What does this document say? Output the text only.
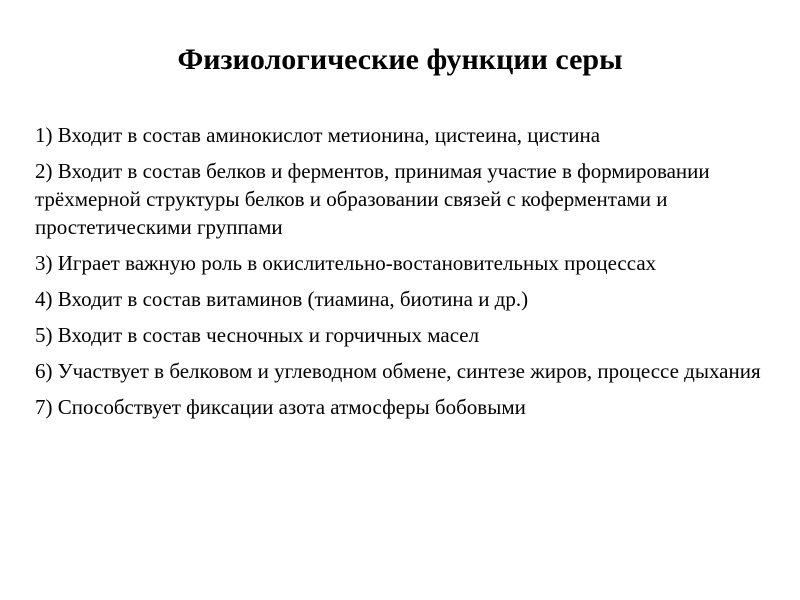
Физиологические функции серы
1) Входит в состав аминокислот метионина, цистеина, цистина
2) Входит в состав белков и ферментов, принимая участие в формировании трёхмерной структуры белков и образовании связей с коферментами и простетическими группами
3) Играет важную роль в окислительно-востановительных процессах
4) Входит в состав витаминов (тиамина, биотина и др.)
5) Входит в состав чесночных и горчичных масел
6) Участвует в белковом и углеводном обмене, синтезе жиров, процессе дыхания
7) Способствует фиксации азота атмосферы бобовыми
